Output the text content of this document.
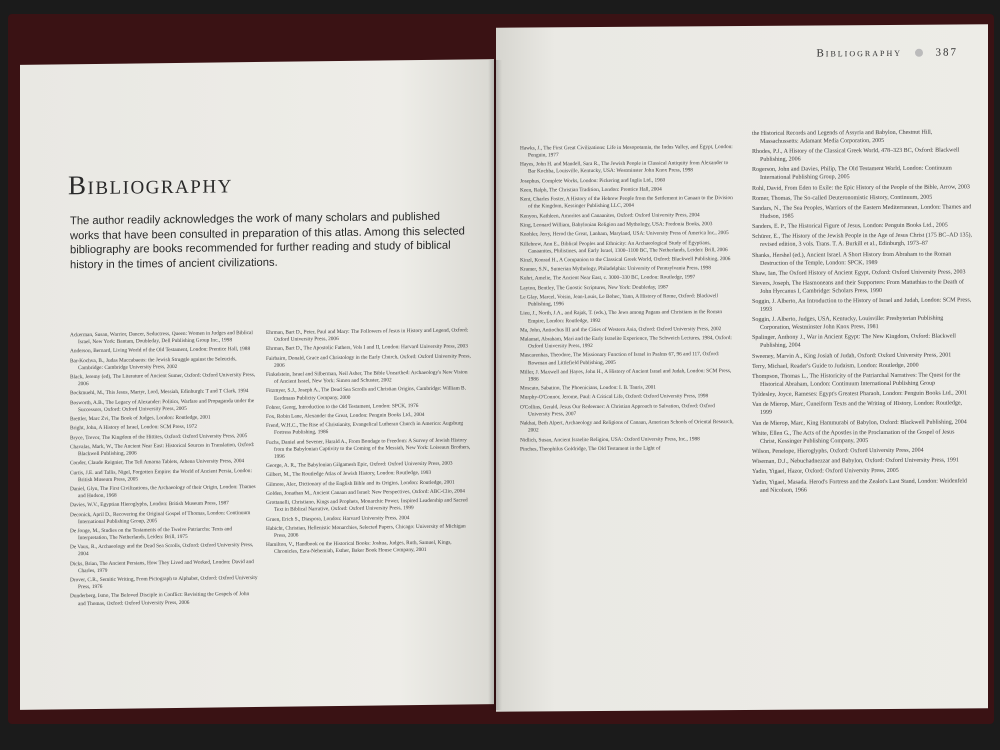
Bibliography
The author readily acknowledges the work of many scholars and published works that have been consulted in preparation of this atlas. Among this selected bibliography are books recommended for further reading and study of biblical history in the times of ancient civilizations.
Ackerman, Susan, Warrior, Dancer, Seductress, Queen: Women in Judges and Biblical Israel, New York: Bantam, Doubleday, Dell Publishing Group Inc., 1998
Anderson, Bernard, Living World of the Old Testament, London: Prentice Hall, 1988
Bar-Kochva, B., Judas Maccabaeus: the Jewish Struggle against the Seleucids, Cambridge: Cambridge University Press, 2002
Black, Jeremy (ed), The Literature of Ancient Sumer, Oxford: Oxford University Press, 2006
Bockmuehl, M., This Jesus, Martyr, Lord, Messiah, Edinburgh: T and T Clark, 1994
Bosworth, A.B., The Legacy of Alexander: Politics, Warfare and Propaganda under the Successors, Oxford: Oxford University Press, 2005
Brettler, Marc Zvi, The Book of Judges, London: Routledge, 2001
Bright, John, A History of Israel, London: SCM Press, 1972
Bryce, Trevor, The Kingdom of the Hittites, Oxford: Oxford University Press, 2005
Chavalas, Mark, W., The Ancient Near East: Historical Sources in Translation, Oxford: Blackwell Publishing, 2006
Conder, Claude Reignier, The Tell Amarna Tablets, Athena University Press, 2004
Curtis, J.E. and Tallis, Nigel, Forgotten Empire: the World of Ancient Persia, London: British Museum Press, 2005
Daniel, Glyn, The First Civilizations, the Archaeology of their Origin, London: Thames and Hudson, 1968
Davies, W.V., Egyptian Hieroglyphs, London: British Museum Press, 1987
Deconick, April D., Recovering the Original Gospel of Thomas, London: Continuum International Publishing Group, 2005
De Jonge, M., Studies on the Testaments of the Twelve Patriarchs: Texts and Interpretation, The Netherlands, Leiden: Brill, 1975
De Vaux, R., Archaeology and the Dead Sea Scrolls, Oxford: Oxford University Press, 2004
Dicks, Brian, The Ancient Persians, How They Lived and Worked, London: David and Charles, 1979
Drover, C.R., Semitic Writing, From Pictograph to Alphabet, Oxford: Oxford University Press, 1976
Dunderberg, Ismo, The Beloved Disciple in Conflict: Revisiting the Gospels of John and Thomas, Oxford: Oxford University Press, 2006
Ehrman, Bart D., Peter, Paul and Mary: The Followers of Jesus in History and Legend, Oxford: Oxford University Press, 2006
Ehrman, Bart D., The Apostolic Fathers, Vols I and II, London: Harvard University Press, 2003
Fairbairn, Donald, Grace and Christology in the Early Church, Oxford: Oxford University Press, 2006
Finkelstein, Israel and Silberman, Neil Asher, The Bible Unearthed: Archaeology's New Vision of Ancient Israel, New York: Simon and Schuster, 2002
Fitzmyer, S.J., Joseph A., The Dead Sea Scrolls and Christian Origins, Cambridge: William B. Eerdmans Publicity Company, 2000
Fohrer, Georg, Introduction to the Old Testament, London: SPCK, 1976
Fox, Robin Lane, Alexander the Great, London: Penguin Books Ltd., 2004
Frend, W.H.C., The Rise of Christianity, Evangelical Lutheran Church in America: Augsburg Fortress Publishing, 1986
Fuchs, Daniel and Sevener, Harald A., From Bondage to Freedom: A Survey of Jewish History from the Babylonian Captivity to the Coming of the Messiah, New York: Loiseaux Brothers, 1996
George, A. R., The Babylonian Gilgamesh Epic, Oxford: Oxford University Press, 2003
Gilbert, M., The Routledge Atlas of Jewish History, London: Routledge, 1993
Gilmore, Alec, Dictionary of the English Bible and its Origins, London: Routledge, 2001
Golden, Jonathan M., Ancient Canaan and Israel: New Perspectives, Oxford: ABC-Clio, 2004
Grottanelli, Christiano, Kings and Prophets, Monarchic Power, Inspired Leadership and Sacred Text in Biblical Narrative, Oxford: Oxford University Press, 1999
Gruen, Erich S., Diaspora, London: Harvard University Press, 2004
Habicht, Christian, Hellenistic Monarchies, Selected Papers, Chicago: University of Michigan Press, 2006
Hamilton, V., Handbook on the Historical Books: Joshua, Judges, Ruth, Samuel, Kings, Chronicles, Ezra-Nehemiah, Esther, Baker Book House Company, 2001
Bibliography	387
Hawks, J., The First Great Civilizations: Life in Mesopotamia, the Indus Valley, and Egypt, London: Penguin, 1977
Hayes, John H. and Mandell, Sara R., The Jewish People in Classical Antiquity from Alexander to Bar Kochba, Louisville, Kentucky, USA: Westminster John Knox Press, 1998
Josephus, Complete Works, London: Pickering and Inglis Ltd., 1960
Keen, Ralph, The Christian Tradition, London: Prentice Hall, 2004
Kent, Charles Foster, A History of the Hebrew People from the Settlement in Canaan to the Division of the Kingdom, Kessinger Publishing LLC, 2004
Kenyon, Kathleen, Amorites and Canaanites, Oxford: Oxford University Press, 2004
King, Leonard William, Babylonian Religion and Mythology, USA: Fredonia Books, 2003
Knohler, Jerry, Herod the Great, Lanham, Maryland, USA: University Press of America Inc., 2005
Killebrew, Ann E., Biblical Peoples and Ethnicity: An Archaeological Study of Egyptians, Canaanites, Philistines, and Early Israel, 1300–1100 BC, The Netherlands, Leiden: Brill, 2006
Kinzl, Konrad H., A Companion to the Classical Greek World, Oxford: Blackwell Publishing, 2006
Kramer, S.N., Sumerian Mythology, Philadelphia: University of Pennsylvania Press, 1998
Kuhrt, Amelie, The Ancient Near East, c. 3000–330 BC, London: Routledge, 1997
Layton, Bentley, The Gnostic Scriptures, New York: Doubleday, 1987
Le Glay, Marcel, Voisin, Jean-Louis, Le Bohec, Yann, A History of Rome, Oxford: Blackwell Publishing, 1996
Lieu, J., North, J.A., and Rajak, T. (eds.), The Jews among Pagans and Christians in the Roman Empire, London: Routledge, 1992
Ma, John, Antiochus III and the Cities of Western Asia, Oxford: Oxford University Press, 2002
Malamat, Abraham, Mari and the Early Israelite Experience, The Schweich Lectures, 1984, Oxford: Oxford University Press, 1992
Mascarenhas, Theodore, The Missionary Function of Israel in Psalms 67, 96 and 117, Oxford: Rowman and Littlefield Publishing, 2005
Miller, J. Maxwell and Hayes, John H., A History of Ancient Israel and Judah, London: SCM Press, 1986
Moscato, Sabatino, The Phoenicians, London: I. B. Tauris, 2001
Murphy-O'Connor, Jerome, Paul: A Critical Life, Oxford: Oxford University Press, 1998
O'Collins, Gerald, Jesus Our Redeemer: A Christian Approach to Salvation, Oxford: Oxford University Press, 2007
Nakhai, Beth Alpert, Archaeology and Religions of Canaan, American Schools of Oriental Research, 2002
Nidlich, Susan, Ancient Israelite Religion, USA: Oxford University Press, Inc., 1988
Pinches, Theophilus Goldridge, The Old Testament in the Light of
the Historical Records and Legends of Assyria and Babylon, Chestnut Hill, Massachussetts: Adamant Media Corporation, 2005
Rhodes, P.J., A History of the Classical Greek World, 478–323 BC, Oxford: Blackwell Publishing, 2006
Rogerson, John and Davies, Philip, The Old Testament World, London: Continuum International Publishing Group, 2005
Rohl, David, From Eden to Exile: the Epic History of the People of the Bible, Arrow, 2003
Romer, Thomas, The So-called Deuteronomistic History, Continuum, 2005
Sandars, N., The Sea Peoples, Warriors of the Eastern Mediterranean, London: Thames and Hudson, 1985
Sanders, E. P., The Historical Figure of Jesus, London: Penguin Books Ltd., 2005
Schürer, E., The History of the Jewish People in the Age of Jesus Christ (175 BC–AD 135), revised edition, 3 vols. Trans. T. A. Burkill et al., Edinburgh, 1973–87
Shanks, Hershel (ed.), Ancient Israel. A Short History from Abraham to the Roman Destruction of the Temple, London: SPCK, 1989
Shaw, Ian, The Oxford History of Ancient Egypt, Oxford: Oxford University Press, 2003
Sievers, Joseph, The Hasmoneans and their Supporters: From Mattathias to the Death of John Hyrcanus I, Cambridge: Scholars Press, 1990
Soggin, J. Alberto, An Introduction to the History of Israel and Judah, London: SCM Press, 1993
Soggin, J. Alberto, Judges, USA, Kentucky, Louisville: Presbyterian Publishing Corporation, Westminster John Knox Press, 1981
Spalinger, Anthony J., War in Ancient Egypt: The New Kingdom, Oxford: Blackwell Publishing, 2004
Sweeney, Marvin A., King Josiah of Judah, Oxford: Oxford University Press, 2001
Terry, Michael, Reader's Guide to Judaism, London: Routledge, 2000
Thompson, Thomas L., The Historicity of the Patriarchal Narratives: The Quest for the Historical Abraham, London: Continuum International Publishing Group
Tyldesley, Joyce, Rameses: Egypt's Greatest Pharaoh, London: Penguin Books Ltd., 2001
Van de Mierop, Marc, Cuneiform Texts and the Writing of History, London: Routledge, 1999
Van de Mierop, Marc, King Hammurabi of Babylon, Oxford: Blackwell Publishing, 2004
White, Ellen G., The Acts of the Apostles in the Proclamation of the Gospel of Jesus Christ, Kessinger Publishing Company, 2005
Wilson, Penelope, Hieroglyphs, Oxford: Oxford University Press, 2004
Wiseman, D.J., Nebuchadnezzar and Babylon, Oxford: Oxford University Press, 1991
Yadin, Yigael, Hazor, Oxford: Oxford University Press, 2005
Yadin, Yigael, Masada. Herod's Fortress and the Zealot's Last Stand, London: Weidenfeld and Nicolson, 1966
